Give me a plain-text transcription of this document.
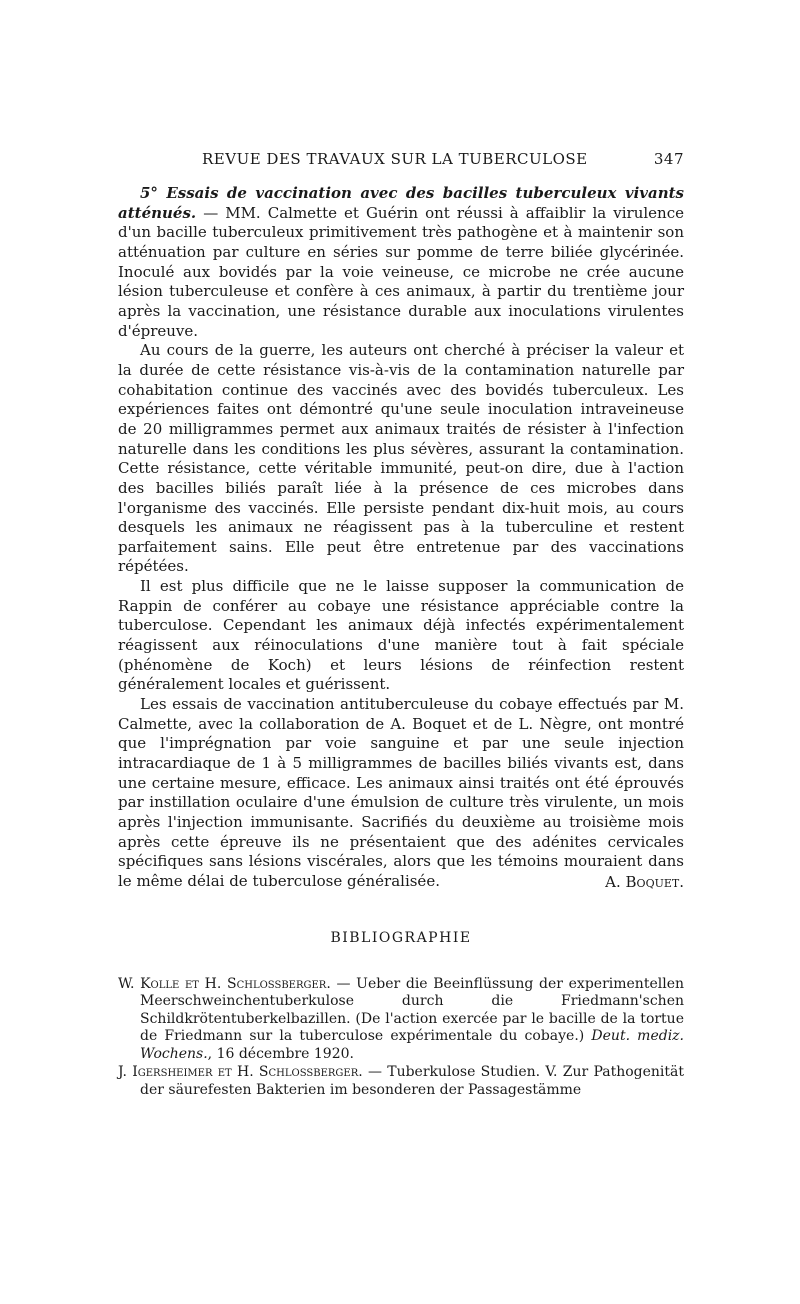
REVUE DES TRAVAUX SUR LA TUBERCULOSE	347

5° Essais de vaccination avec des bacilles tuberculeux vivants atténués. — MM. Calmette et Guérin ont réussi à affaiblir la virulence d'un bacille tuberculeux primitivement très pathogène et à maintenir son atténuation par culture en séries sur pomme de terre biliée glycérinée. Inoculé aux bovidés par la voie veineuse, ce microbe ne crée aucune lésion tuberculeuse et confère à ces animaux, à partir du trentième jour après la vaccination, une résistance durable aux inoculations virulentes d'épreuve.

Au cours de la guerre, les auteurs ont cherché à préciser la valeur et la durée de cette résistance vis-à-vis de la contamination naturelle par cohabitation continue des vaccinés avec des bovidés tuberculeux. Les expériences faites ont démontré qu'une seule inoculation intraveineuse de 20 milligrammes permet aux animaux traités de résister à l'infection naturelle dans les conditions les plus sévères, assurant la contamination. Cette résistance, cette véritable immunité, peut-on dire, due à l'action des bacilles biliés paraît liée à la présence de ces microbes dans l'organisme des vaccinés. Elle persiste pendant dix-huit mois, au cours desquels les animaux ne réagissent pas à la tuberculine et restent parfaitement sains. Elle peut être entretenue par des vaccinations répétées.

Il est plus difficile que ne le laisse supposer la communication de Rappin de conférer au cobaye une résistance appréciable contre la tuberculose. Cependant les animaux déjà infectés expérimentalement réagissent aux réinoculations d'une manière tout à fait spéciale (phénomène de Koch) et leurs lésions de réinfection restent généralement locales et guérissent.

Les essais de vaccination antituberculeuse du cobaye effectués par M. Calmette, avec la collaboration de A. Boquet et de L. Nègre, ont montré que l'imprégnation par voie sanguine et par une seule injection intracardiaque de 1 à 5 milligrammes de bacilles biliés vivants est, dans une certaine mesure, efficace. Les animaux ainsi traités ont été éprouvés par instillation oculaire d'une émulsion de culture très virulente, un mois après l'injection immunisante. Sacrifiés du deuxième au troisième mois après cette épreuve ils ne présentaient que des adénites cervicales spécifiques sans lésions viscérales, alors que les témoins mouraient dans le même délai de tuberculose généralisée.	A. Boquet.

BIBLIOGRAPHIE

W. Kolle et H. Schlossberger. — Ueber die Beeinflüssung der experimentellen Meerschweinchentuberkulose durch die Friedmann'schen Schildkrötentuberkelbazillen. (De l'action exercée par le bacille de la tortue de Friedmann sur la tuberculose expérimentale du cobaye.) Deut. mediz. Wochens., 16 décembre 1920.

J. Igersheimer et H. Schlossberger. — Tuberkulose Studien. V. Zur Pathogenität der säurefesten Bakterien im besonderen der Passagestämme
